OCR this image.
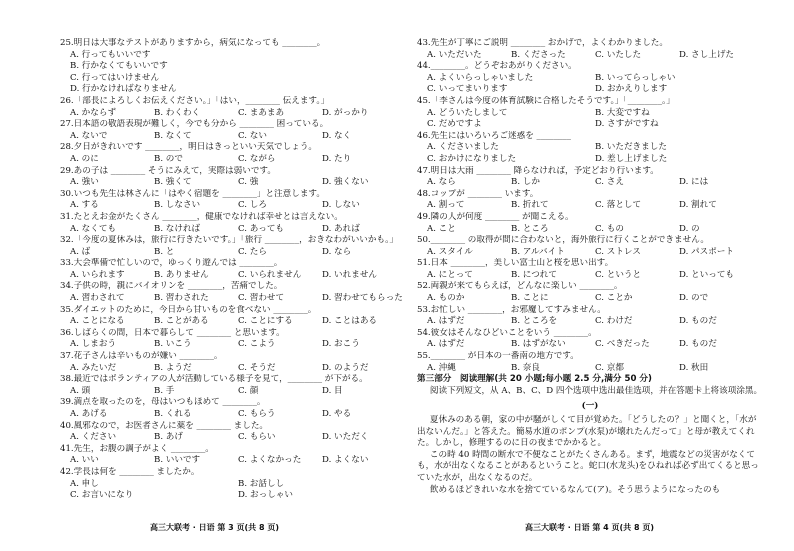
25.明日は大事なテストがありますから，病気になっても ________。
A. 行ってもいいです
B. 行かなくてもいいです
C. 行ってはいけません
D. 行かなければなりません
26.「部長によろしくお伝えください。」「はい，________ 伝えます。」
A. かならず	B. わくわく	C. まあまあ	D. がっかり
27.日本語の敬語表現が難しく，今でも分から ________ 困っている。
A. ないで	B. なくて	C. ない	D. なく
28.夕日がきれいです ________，明日はきっといい天気でしょう。
A. のに	B. ので	C. ながら	D. たり
29.あの子は ________ そうにみえて，実際は弱いです。
A. 強い	B. 強くて	C. 強	D. 強くない
30.いつも先生は林さんに「はやく宿題を ________」と注意します。
A. する	B. しなさい	C. しろ	D. しない
31.たとえお金がたくさん ________，健康でなければ幸せとは言えない。
A. なくても	B. なければ	C. あっても	D. あれば
32.「今度の夏休みは，旅行に行きたいです。」「旅行 ________，おきなわがいいかも。」
A. ば	B. と	C. たら	D. なら
33.大会準備で忙しいので，ゆっくり遊んでは ________。
A. いられます	B. ありません	C. いられません	D. いれません
34.子供の時，親にバイオリンを ________，苦痛でした。
A. 習わされて	B. 習わされた	C. 習わせて	D. 習わせてもらった
35.ダイエットのために，今日から甘いものを食べない ________。
A. ことになる	B. ことがある	C. ことにする	D. ことはある
36.しばらくの間，日本で暮らして ________ と思います。
A. しまおう	B. いこう	C. こよう	D. おこう
37.花子さんは辛いものが嫌い ________。
A. みたいだ	B. ようだ	C. そうだ	D. のようだ
38.最近ではボランティアの人が活動している様子を見て，________ が下がる。
A. 頭	B. 手	C. 顔	D. 目
39.満点を取ったのを，母はいつもほめて ________。
A. あげる	B. くれる	C. もらう	D. やる
40.風邪なので，お医者さんに薬を ________ ました。
A. ください	B. あげ	C. もらい	D. いただく
41.先生，お腹の調子がよく ________。
A. いい	B. いいです	C. よくなかった	D. よくない
42.学長は何を ________ ましたか。
A. 申し	B. お話しし
C. お言いになり	D. おっしゃい
43.先生が丁寧にご説明 ________ おかげで，よくわかりました。
A. いただいた	B. くださった	C. いたした	D. さし上げた
44.________。どうぞおあがりください。
A. よくいらっしゃいました	B. いってらっしゃい
C. いってまいります	D. おかえりします
45.「李さんは今度の体育試験に合格したそうです。」「________。」
A. どういたしまして	B. 大変ですね
C. だめですよ	D. さすがですね
46.先生にはいろいろご迷惑を ________
A. くださいました	B. いただきました
C. おかけになりました	D. 差し上げました
47.明日は大雨 ________ 降らなければ，予定どおり行います。
A. なら	B. しか	C. さえ	D. には
48.コップが ________ います。
A. 割って	B. 折れて	C. 落として	D. 割れて
49.隣の人が何度 ________ が聞こえる。
A. こと	B. ところ	C. もの	D. の
50.________ の取得が間に合わないと，海外旅行に行くことができません。
A. スタイル	B. アルバイト	C. ストレス	D. パスポート
51.日本 ________，美しい富士山と桜を思い出す。
A. にとって	B. につれて	C. というと	D. といっても
52.両親が来てもらえば，どんなに楽しい ________。
A. ものか	B. ことに	C. ことか	D. ので
53.お忙しい ________，お邪魔してすみません。
A. はずだ	B. ところを	C. わけだ	D. ものだ
54.彼女はそんなひどいことをいう ________。
A. はずだ	B. はずがない	C. べきだった	D. ものだ
55.________ が日本の一番南の地方です。
A. 沖縄	B. 奈良	C. 京都	D. 秋田
第三部分　阅读理解(共 20 小题;每小题 2.5 分,满分 50 分)
阅读下列短文，从 A、B、C、D 四个选项中选出最佳选项，并在答题卡上将该项涂黑。
(一)
夏休みのある朝，家の中が騒がしくて目が覚めた。「どうしたの？」と聞くと，「水が出ないんだ。」と答えた。簡易水道のポンプ(水泵)が壊れたんだって」と母が教えてくれた。しかし，修理するのに日の夜までかかると。
この時 40 時間の断水で不便なことがたくさんある。まず，地震などの災害がなくても，水が出なくなることがあるということ。蛇口(水龙头)をひねれば必ず出てくると思っていた水が，出なくなるのだ。
飲めるほどきれいな水を捨てているなんて(ア)。そう思うようになったのも
高三大联考 · 日语 第 3 页(共 8 页)	高三大联考 · 日语 第 4 页(共 8 页)
